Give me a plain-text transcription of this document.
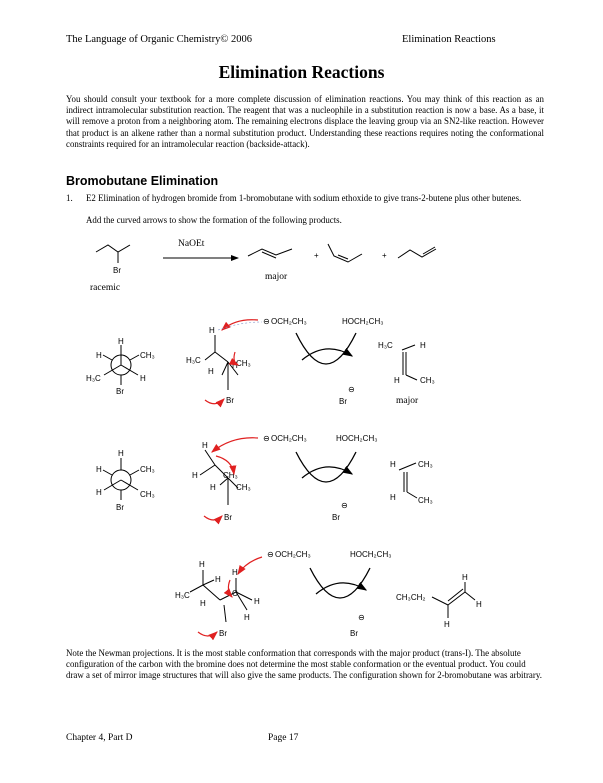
The Language of Organic Chemistry© 2006	Elimination Reactions
Elimination Reactions
You should consult your textbook for a more complete discussion of elimination reactions. You may think of this reaction as an indirect intramolecular substitution reaction. The reagent that was a nucleophile in a substitution reaction is now a base. As a base, it will remove a proton from a neighboring atom. The remaining electrons displace the leaving group via an SN2-like reaction. However that product is an alkene rather than a normal substitution product. Understanding these reactions requires noting the conformational constraints required for an intramolecular reaction (backside-attack).
Bromobutane Elimination
1. E2 Elimination of hydrogen bromide from 1-bromobutane with sodium ethoxide to give trans-2-butene plus other butenes.
Add the curved arrows to show the formation of the following products.
Br
racemic
NaOEt
major
+	+
H
H	CH₃
H₃C	H
Br
H
H₃C
H
H
CH₃
Br
⊖ OCH₂CH₃	HOCH₂CH₃
Br
⊖
H₃C	H
H	CH₃
major
H
H	CH₃
H	CH₃
Br
H
H
H
CH₃
CH₃
Br
⊖ OCH₂CH₃	HOCH₂CH₃
Br
⊖
H	CH₃
H	CH₃
H
H₃C
H
H
H
C
H
H
Br
⊖ OCH₂CH₃	HOCH₂CH₃
Br
⊖
CH₃CH₂
H
H
H
Note the Newman projections. It is the most stable conformation that corresponds with the major product (trans-I). The absolute configuration of the carbon with the bromine does not determine the most stable conformation or the eventual product. You could draw a set of mirror image structures that will also give the same products. The configuration shown for 2-bromobutane was arbitrary.
Chapter 4, Part D	Page 17
